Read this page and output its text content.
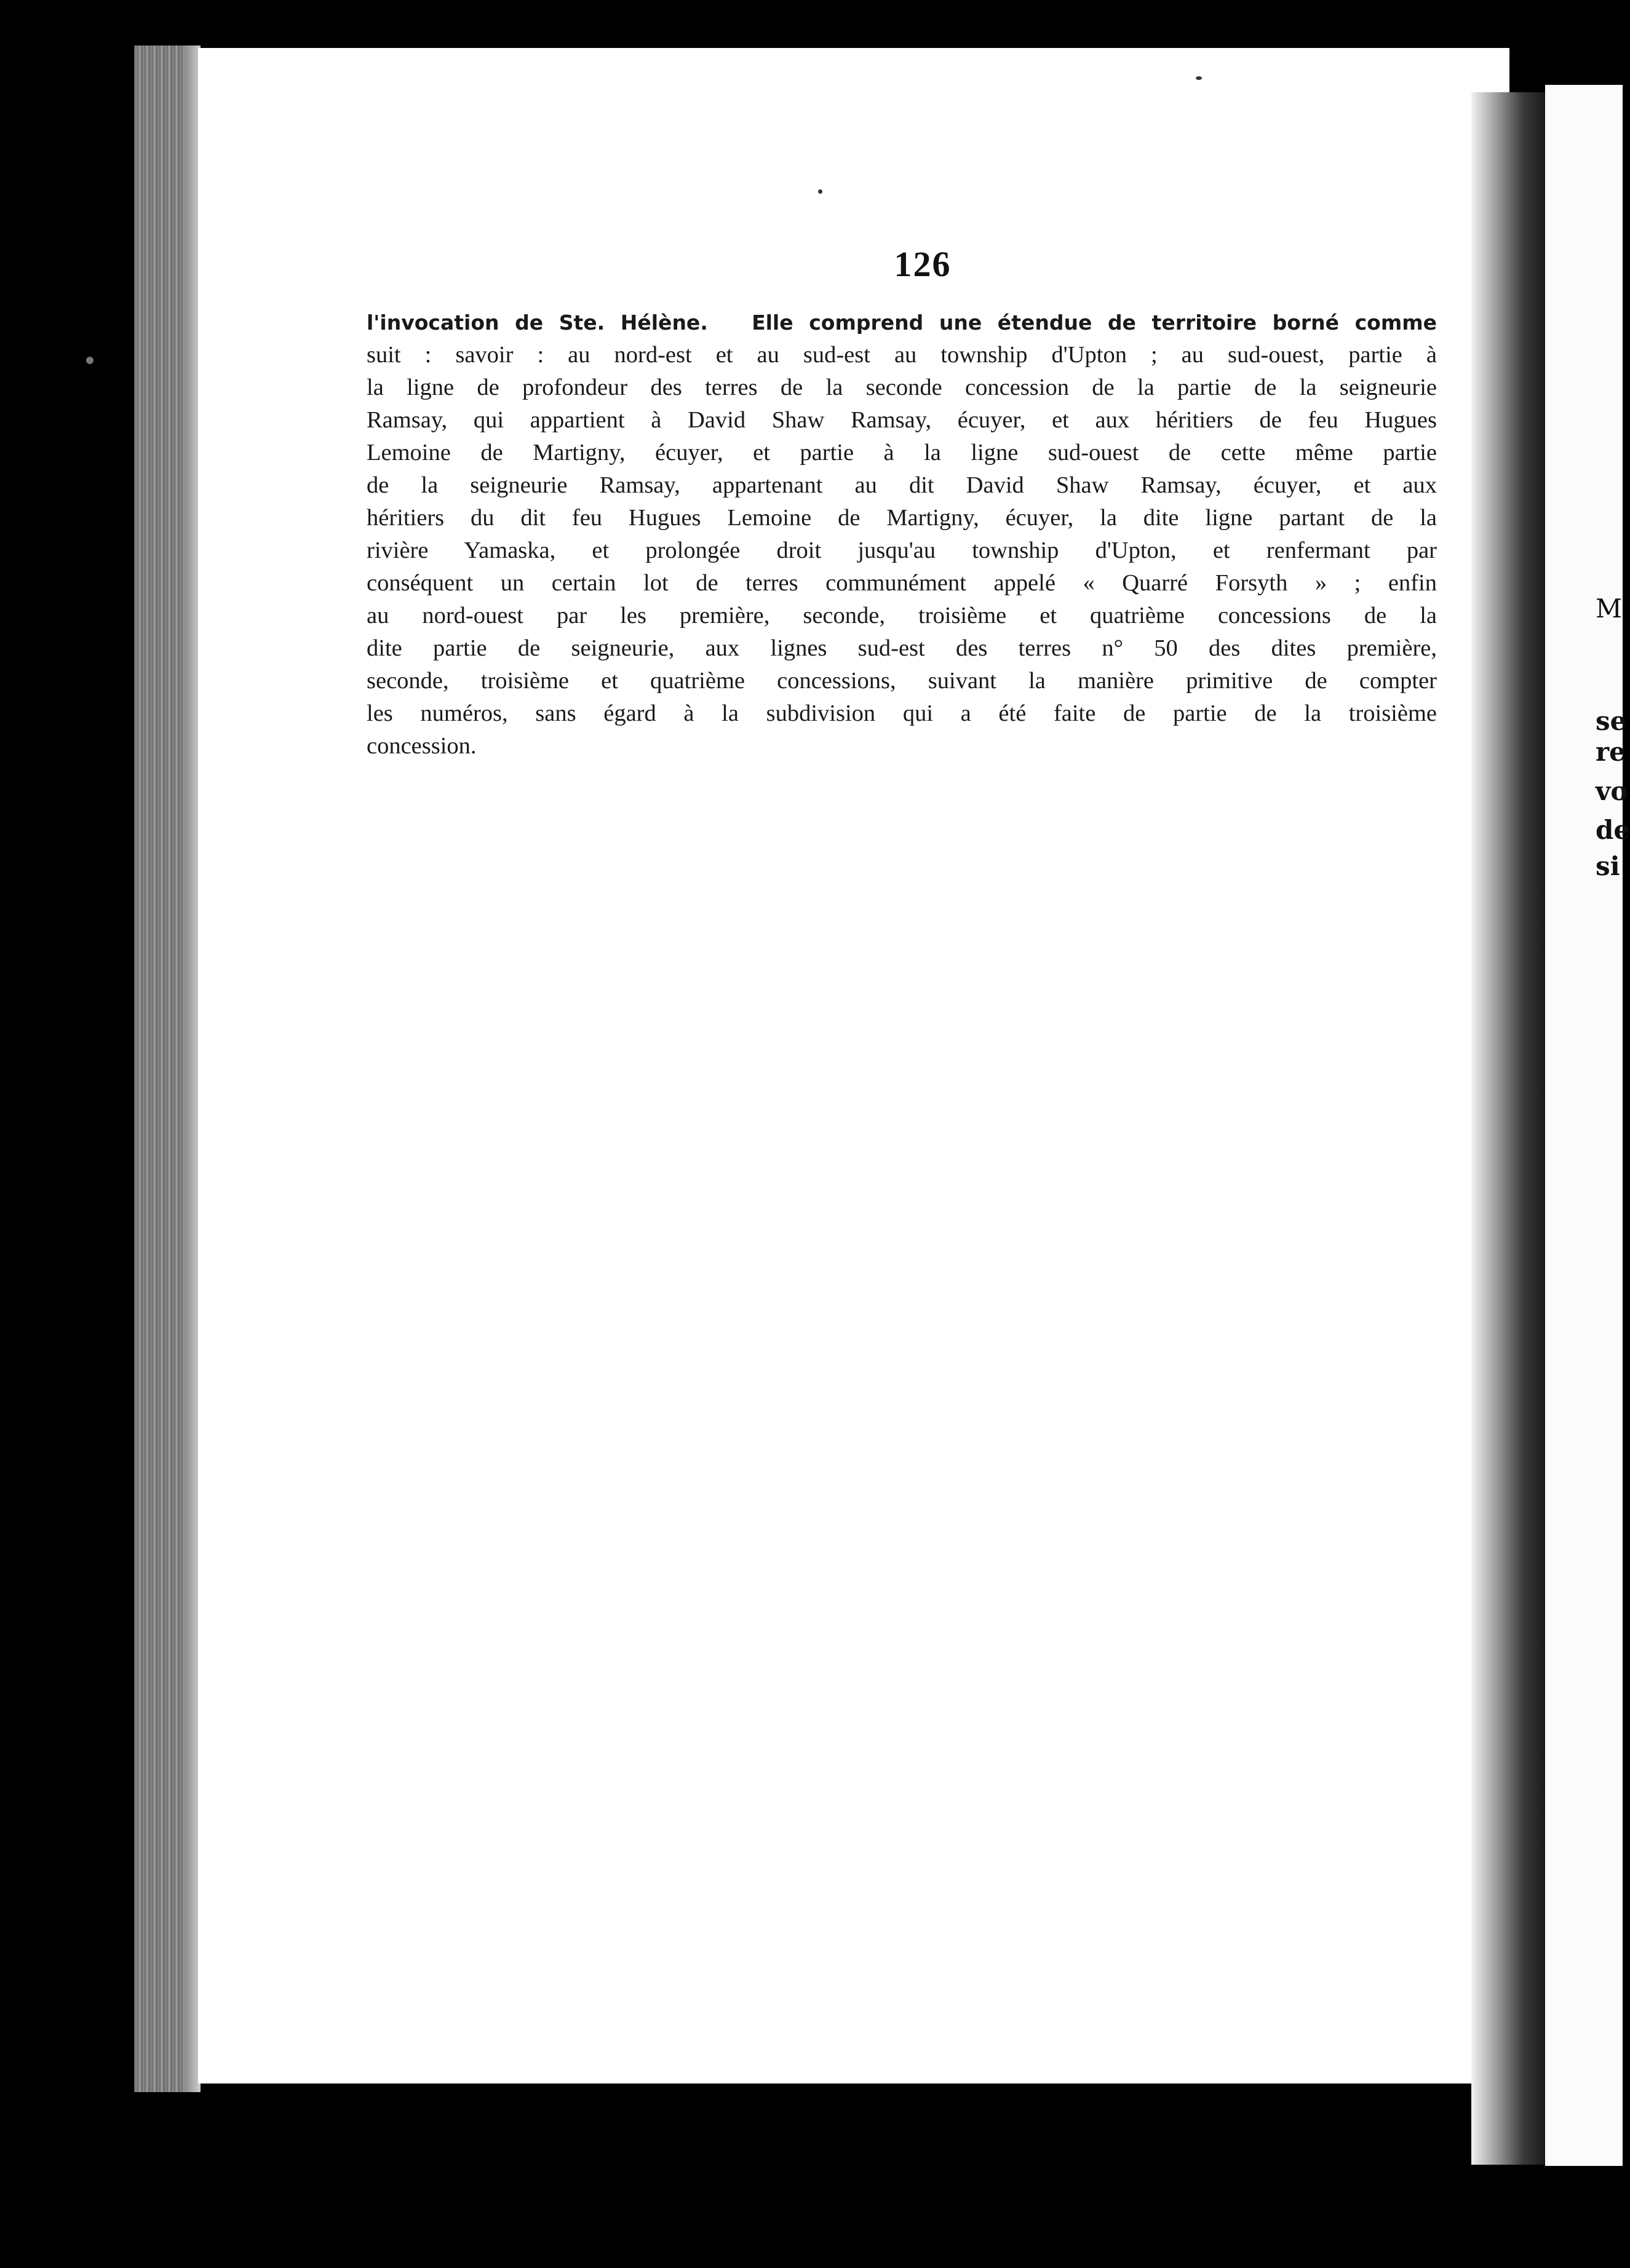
M
se
re
vo
de
si
126
l'invocation de Ste. Hélène. Elle comprend une étendue de territoire borné comme
suit : savoir : au nord-est et au sud-est au township d'Upton ; au sud-ouest, partie à
la ligne de profondeur des terres de la seconde concession de la partie de la seigneurie
Ramsay, qui appartient à David Shaw Ramsay, écuyer, et aux héritiers de feu Hugues
Lemoine de Martigny, écuyer, et partie à la ligne sud-ouest de cette même partie
de la seigneurie Ramsay, appartenant au dit David Shaw Ramsay, écuyer, et aux
héritiers du dit feu Hugues Lemoine de Martigny, écuyer, la dite ligne partant de la
rivière Yamaska, et prolongée droit jusqu'au township d'Upton, et renfermant par
conséquent un certain lot de terres communément appelé « Quarré Forsyth » ; enfin
au nord-ouest par les première, seconde, troisième et quatrième concessions de la
dite partie de seigneurie, aux lignes sud-est des terres n° 50 des dites première,
seconde, troisième et quatrième concessions, suivant la manière primitive de compter
les numéros, sans égard à la subdivision qui a été faite de partie de la troisième
concession.
